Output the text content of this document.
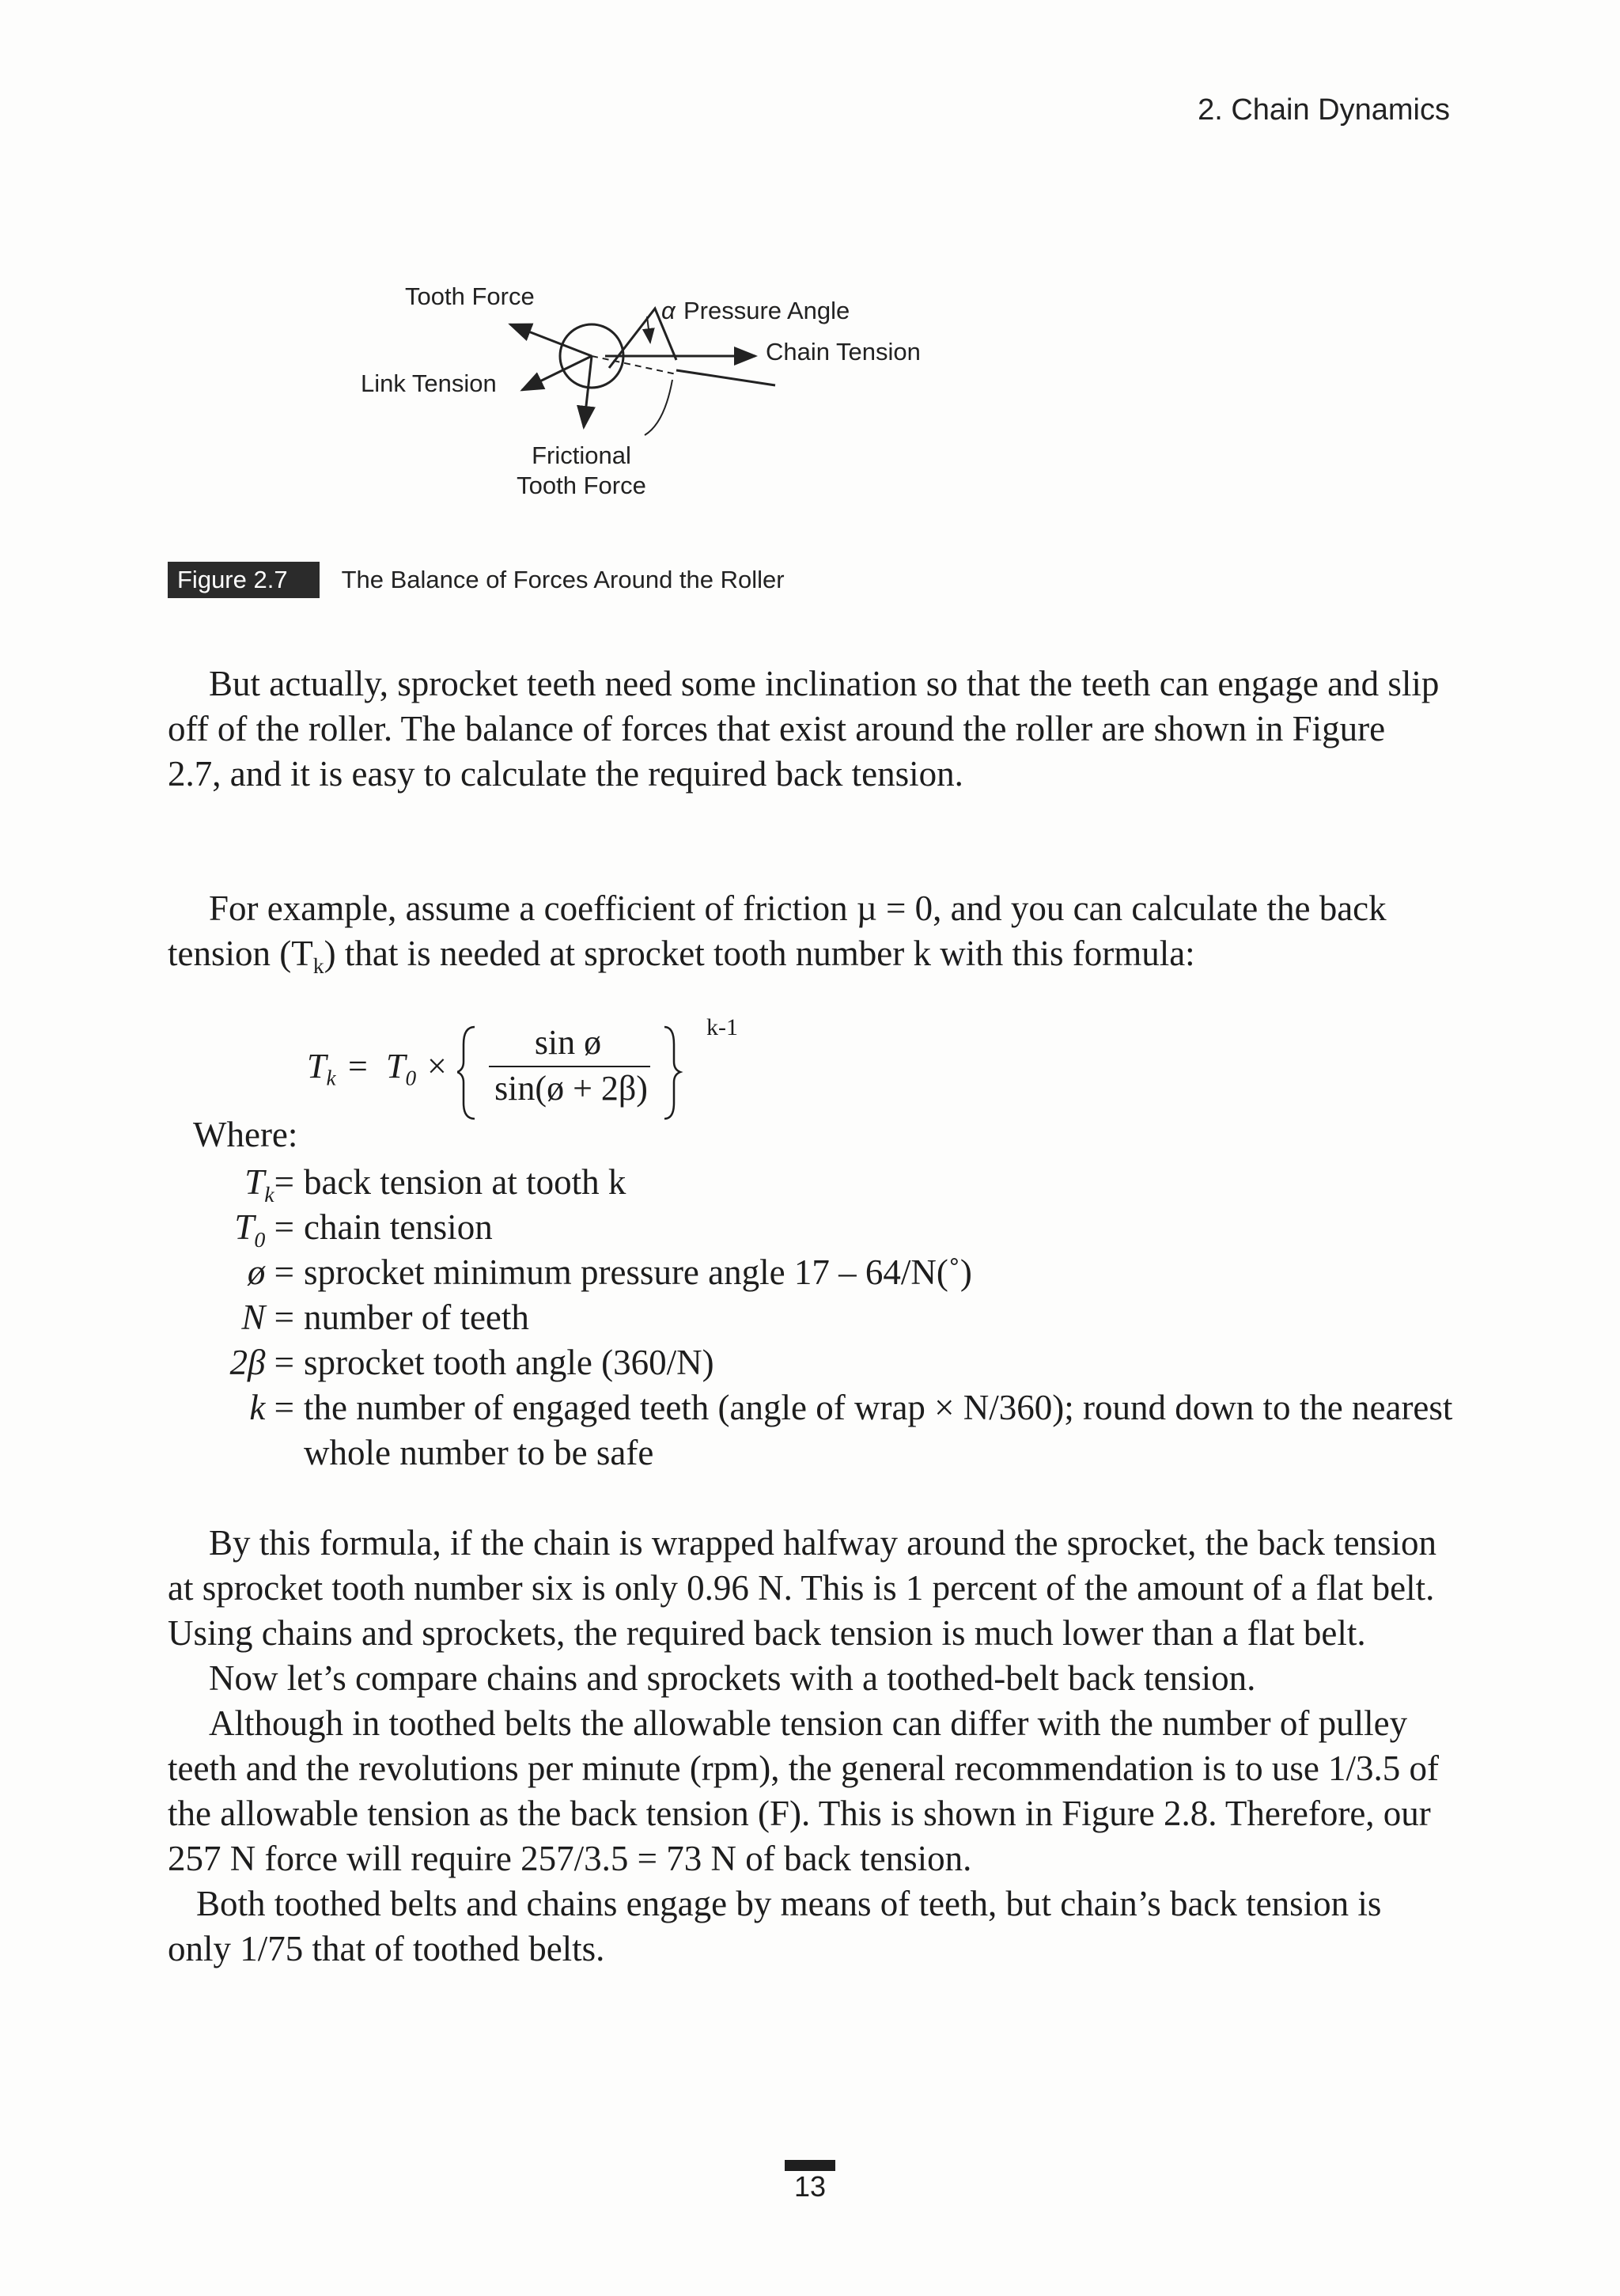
2. Chain Dynamics
Tooth Force
α Pressure Angle
Chain Tension
Link Tension
Frictional
Tooth Force
Figure 2.7	The Balance of Forces Around the Roller

But actually, sprocket teeth need some inclination so that the teeth can engage and slip off of the roller. The balance of forces that exist around the roller are shown in Figure 2.7, and it is easy to calculate the required back tension.

For example, assume a coefficient of friction µ = 0, and you can calculate the back tension $(T_k)$ that is needed at sprocket tooth number k with this formula:

$T_k = T_0$ ×
sin ø
sin(ø + 2β)
k-1
Where:
$T_k=$ back tension at tooth k
$T_0$ = chain tension
ø = sprocket minimum pressure angle 17 – 64/N(˚)
N = number of teeth
2β = sprocket tooth angle (360/N)
k = the number of engaged teeth (angle of wrap × N/360); round down to the nearest whole number to be safe

By this formula, if the chain is wrapped halfway around the sprocket, the back tension at sprocket tooth number six is only 0.96 N. This is 1 percent of the amount of a flat belt. Using chains and sprockets, the required back tension is much lower than a flat belt.

Now let’s compare chains and sprockets with a toothed-belt back tension.

Although in toothed belts the allowable tension can differ with the number of pulley teeth and the revolutions per minute (rpm), the general recommendation is to use 1/3.5 of the allowable tension as the back tension (F). This is shown in Figure 2.8. Therefore, our 257 N force will require 257/3.5 = 73 N of back tension.

Both toothed belts and chains engage by means of teeth, but chain’s back tension is only 1/75 that of toothed belts.

13
